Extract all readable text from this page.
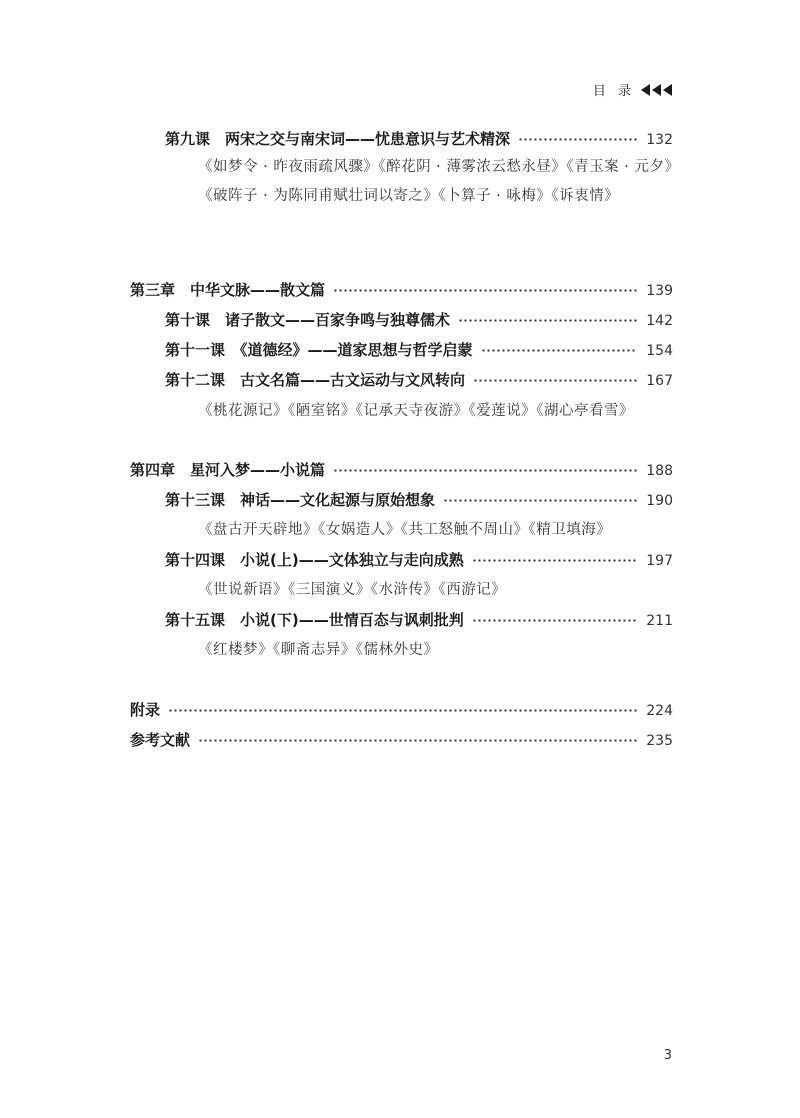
目 录
第九课　两宋之交与南宋词——忧患意识与艺术精深	132
《如梦令 · 昨夜雨疏风骤》《醉花阴 · 薄雾浓云愁永昼》《青玉案 · 元夕》《破阵子 · 为陈同甫赋壮词以寄之》《卜算子 · 咏梅》《诉衷情》
第三章　中华文脉——散文篇	139
第十课　诸子散文——百家争鸣与独尊儒术	142
第十一课　《道德经》——道家思想与哲学启蒙	154
第十二课　古文名篇——古文运动与文风转向	167
《桃花源记》《陋室铭》《记承天寺夜游》《爱莲说》《湖心亭看雪》
第四章　星河入梦——小说篇	188
第十三课　神话——文化起源与原始想象	190
《盘古开天辟地》《女娲造人》《共工怒触不周山》《精卫填海》
第十四课　小说(上)——文体独立与走向成熟	197
《世说新语》《三国演义》《水浒传》《西游记》
第十五课　小说(下)——世情百态与讽刺批判	211
《红楼梦》《聊斋志异》《儒林外史》
附录	224
参考文献	235
3
